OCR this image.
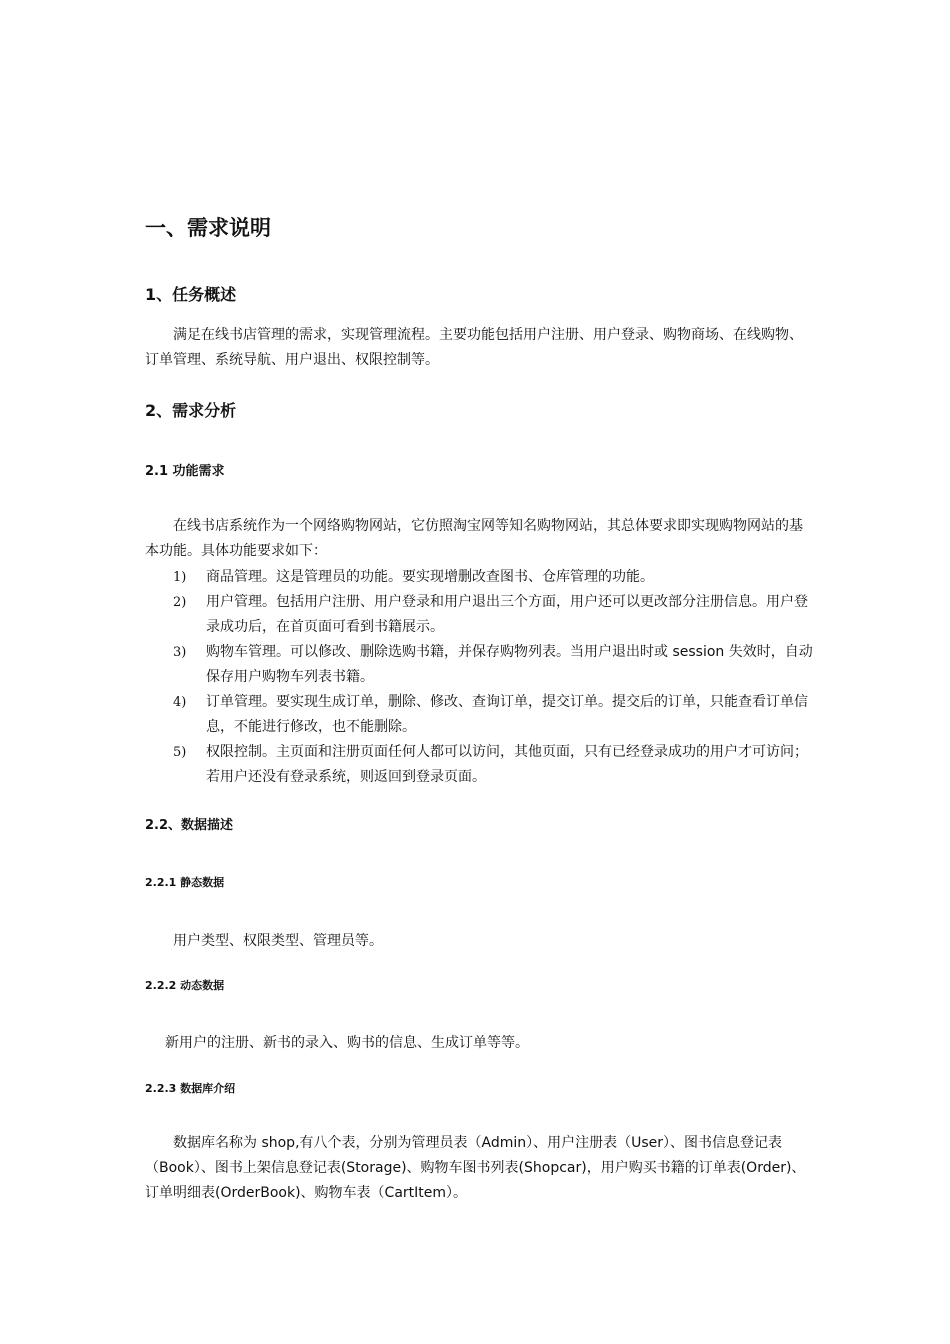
一、需求说明
1、任务概述
满足在线书店管理的需求，实现管理流程。主要功能包括用户注册、用户登录、购物商场、在线购物、订单管理、系统导航、用户退出、权限控制等。
2、需求分析
2.1 功能需求
在线书店系统作为一个网络购物网站，它仿照淘宝网等知名购物网站，其总体要求即实现购物网站的基本功能。具体功能要求如下：
1) 商品管理。这是管理员的功能。要实现增删改查图书、仓库管理的功能。
2) 用户管理。包括用户注册、用户登录和用户退出三个方面，用户还可以更改部分注册信息。用户登录成功后，在首页面可看到书籍展示。
3) 购物车管理。可以修改、删除选购书籍，并保存购物列表。当用户退出时或 session 失效时，自动保存用户购物车列表书籍。
4) 订单管理。要实现生成订单，删除、修改、查询订单，提交订单。提交后的订单，只能查看订单信息，不能进行修改，也不能删除。
5) 权限控制。主页面和注册页面任何人都可以访问，其他页面，只有已经登录成功的用户才可访问；若用户还没有登录系统，则返回到登录页面。
2.2、数据描述
2.2.1 静态数据
用户类型、权限类型、管理员等。
2.2.2 动态数据
新用户的注册、新书的录入、购书的信息、生成订单等等。
2.2.3 数据库介绍
数据库名称为 shop,有八个表，分别为管理员表（Admin）、用户注册表（User）、图书信息登记表（Book）、图书上架信息登记表(Storage)、购物车图书列表(Shopcar)，用户购买书籍的订单表(Order)、订单明细表(OrderBook)、购物车表（CartItem）。
